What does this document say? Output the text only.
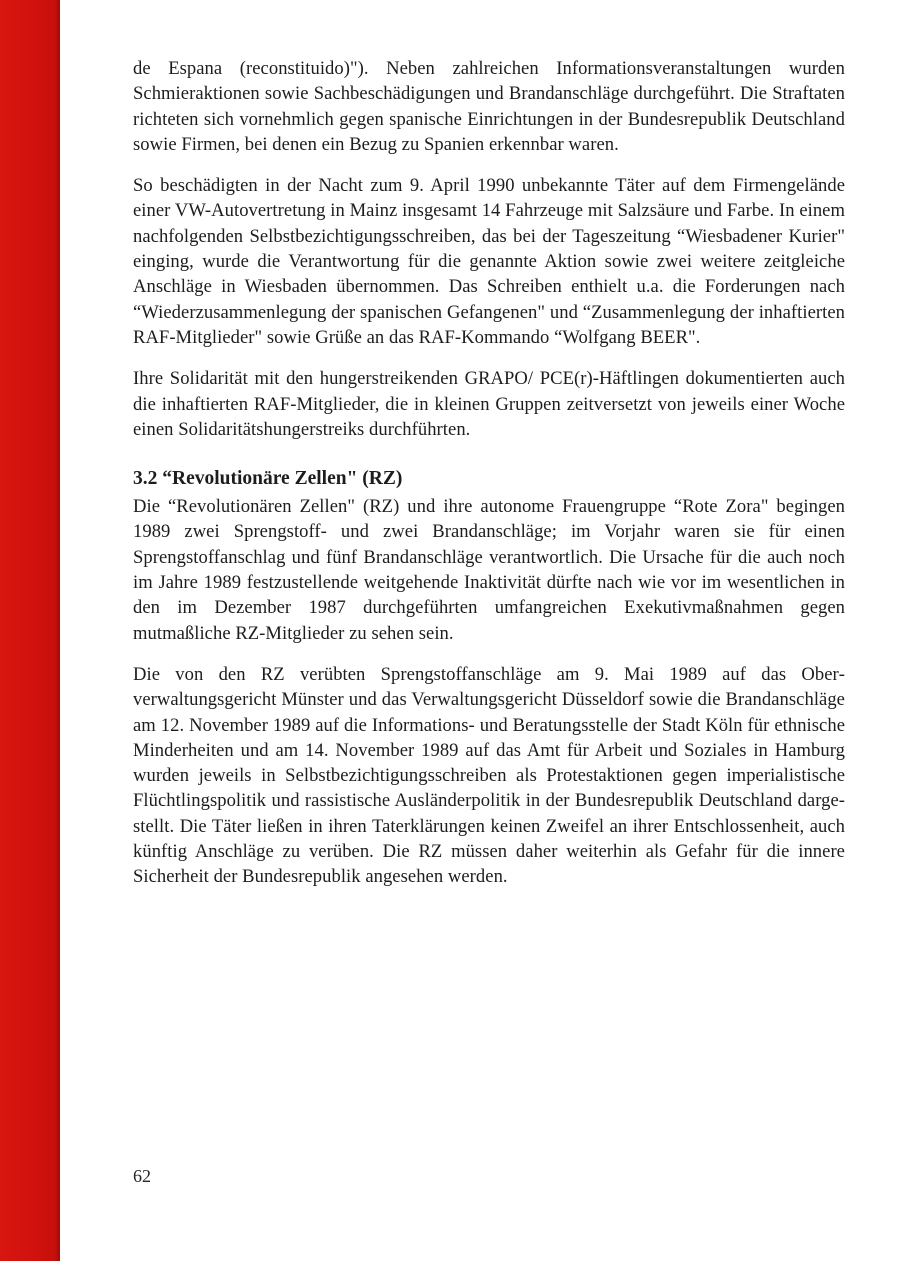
de Espana (reconstituido)"). Neben zahlreichen Informationsveranstaltungen wurden Schmieraktionen sowie Sachbeschädigungen und Brandanschläge durchgeführt. Die Straftaten richteten sich vornehmlich gegen spanische Einrichtungen in der Bundesrepublik Deutschland sowie Firmen, bei denen ein Bezug zu Spanien erkennbar waren.

So beschädigten in der Nacht zum 9. April 1990 unbekannte Täter auf dem Firmengelände einer VW-Autovertretung in Mainz insgesamt 14 Fahrzeuge mit Salzsäure und Farbe. In einem nachfolgenden Selbstbezichtigungsschreiben, das bei der Tageszeitung “Wiesbadener Kurier" einging, wurde die Verantwortung für die genannte Aktion sowie zwei weitere zeitgleiche Anschläge in Wiesbaden übernommen. Das Schreiben enthielt u.a. die Forderungen nach “Wiederzusammenlegung der spanischen Gefangenen" und “Zusammenlegung der inhaftierten RAF-Mitglieder" sowie Grüße an das RAF-Kommando “Wolfgang BEER".

Ihre Solidarität mit den hungerstreikenden GRAPO/ PCE(r)-Häftlingen dokumentierten auch die inhaftierten RAF-Mitglieder, die in kleinen Gruppen zeitversetzt von jeweils einer Woche einen Solidaritätshungerstreiks durchführten.

3.2 “Revolutionäre Zellen" (RZ)

Die “Revolutionären Zellen" (RZ) und ihre autonome Frauengruppe “Rote Zora" begingen 1989 zwei Sprengstoff- und zwei Brandanschläge; im Vorjahr waren sie für einen Sprengstoffanschlag und fünf Brandanschläge verantwortlich. Die Ursache für die auch noch im Jahre 1989 festzustellende weitgehende Inaktivität dürfte nach wie vor im wesentlichen in den im Dezember 1987 durchgeführten umfangreichen Exekutivmaßnahmen gegen mutmaßliche RZ-Mitglieder zu sehen sein.

Die von den RZ verübten Sprengstoffanschläge am 9. Mai 1989 auf das Oberverwaltungsgericht Münster und das Verwaltungsgericht Düsseldorf sowie die Brandanschläge am 12. November 1989 auf die Informations- und Beratungsstelle der Stadt Köln für ethnische Minderheiten und am 14. November 1989 auf das Amt für Arbeit und Soziales in Hamburg wurden jeweils in Selbstbezichtigungsschreiben als Protestaktionen gegen imperialistische Flüchtlingspolitik und rassistische Ausländerpolitik in der Bundesrepublik Deutschland dargestellt. Die Täter ließen in ihren Taterklärungen keinen Zweifel an ihrer Entschlossenheit, auch künftig Anschläge zu verüben. Die RZ müssen daher weiterhin als Gefahr für die innere Sicherheit der Bundesrepublik angesehen werden.

62
